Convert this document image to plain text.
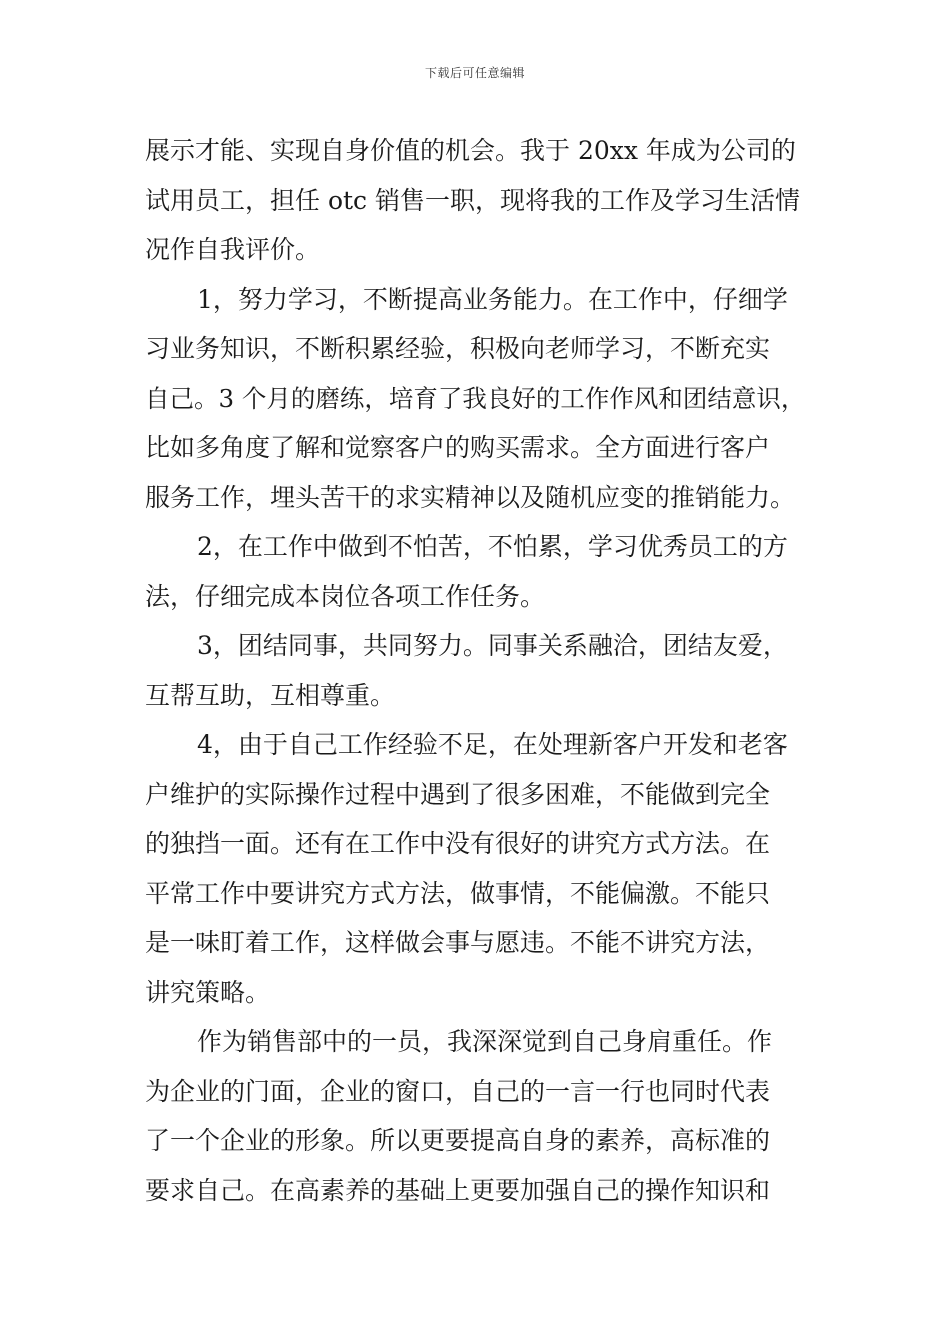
下载后可任意编辑
展示才能、实现自身价值的机会。我于 20xx 年成为公司的
试用员工，担任 otc 销售一职，现将我的工作及学习生活情
况作自我评价。
1，努力学习，不断提高业务能力。在工作中，仔细学
习业务知识，不断积累经验，积极向老师学习，不断充实
自己。3 个月的磨练，培育了我良好的工作作风和团结意识，
比如多角度了解和觉察客户的购买需求。全方面进行客户
服务工作，埋头苦干的求实精神以及随机应变的推销能力。
2，在工作中做到不怕苦，不怕累，学习优秀员工的方
法，仔细完成本岗位各项工作任务。
3，团结同事，共同努力。同事关系融洽，团结友爱，
互帮互助，互相尊重。
4，由于自己工作经验不足，在处理新客户开发和老客
户维护的实际操作过程中遇到了很多困难，不能做到完全
的独挡一面。还有在工作中没有很好的讲究方式方法。在
平常工作中要讲究方式方法，做事情，不能偏激。不能只
是一味盯着工作，这样做会事与愿违。不能不讲究方法，
讲究策略。
作为销售部中的一员，我深深觉到自己身肩重任。作
为企业的门面，企业的窗口，自己的一言一行也同时代表
了一个企业的形象。所以更要提高自身的素养，高标准的
要求自己。在高素养的基础上更要加强自己的操作知识和
